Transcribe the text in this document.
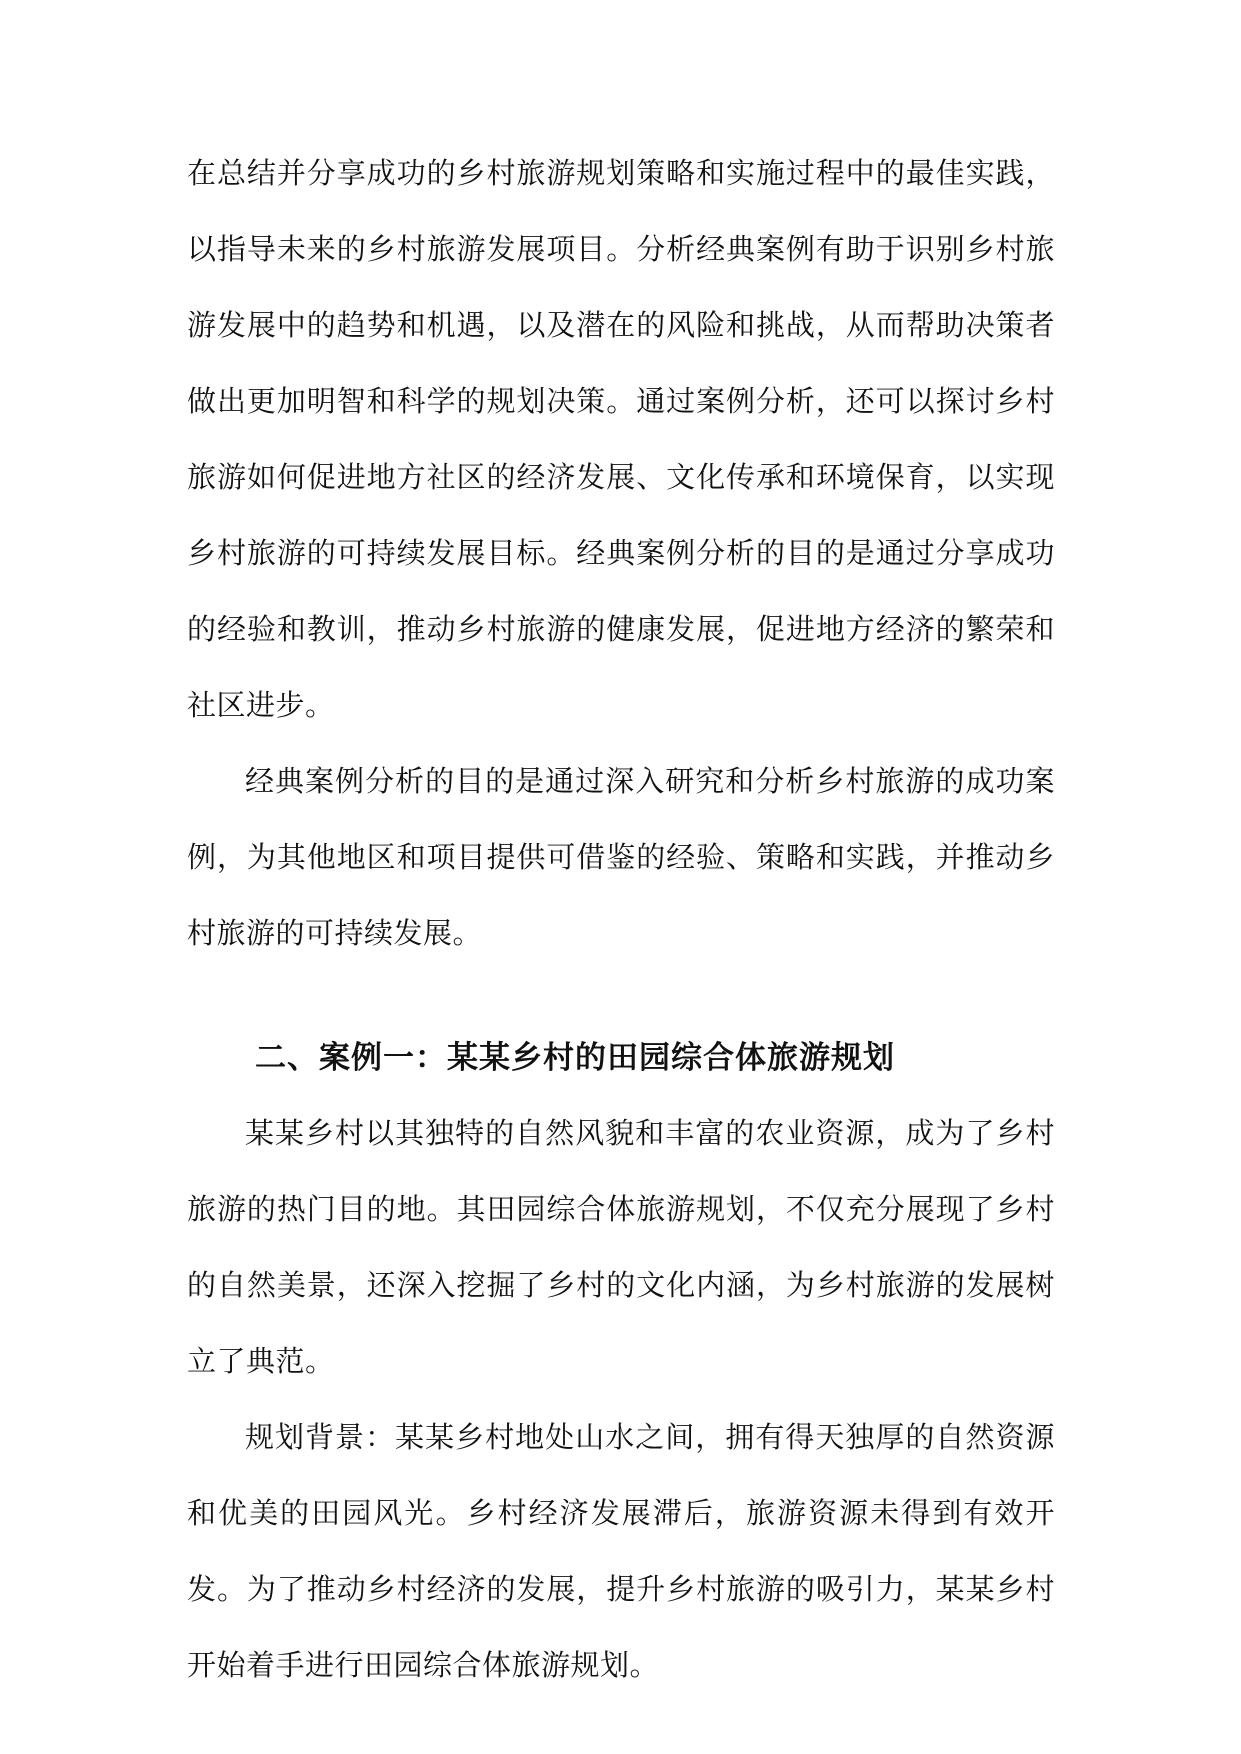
在总结并分享成功的乡村旅游规划策略和实施过程中的最佳实践，以指导未来的乡村旅游发展项目。分析经典案例有助于识别乡村旅游发展中的趋势和机遇，以及潜在的风险和挑战，从而帮助决策者做出更加明智和科学的规划决策。通过案例分析，还可以探讨乡村旅游如何促进地方社区的经济发展、文化传承和环境保育，以实现乡村旅游的可持续发展目标。经典案例分析的目的是通过分享成功的经验和教训，推动乡村旅游的健康发展，促进地方经济的繁荣和社区进步。

经典案例分析的目的是通过深入研究和分析乡村旅游的成功案例，为其他地区和项目提供可借鉴的经验、策略和实践，并推动乡村旅游的可持续发展。

二、案例一：某某乡村的田园综合体旅游规划

某某乡村以其独特的自然风貌和丰富的农业资源，成为了乡村旅游的热门目的地。其田园综合体旅游规划，不仅充分展现了乡村的自然美景，还深入挖掘了乡村的文化内涵，为乡村旅游的发展树立了典范。

规划背景：某某乡村地处山水之间，拥有得天独厚的自然资源和优美的田园风光。乡村经济发展滞后，旅游资源未得到有效开发。为了推动乡村经济的发展，提升乡村旅游的吸引力，某某乡村开始着手进行田园综合体旅游规划。
